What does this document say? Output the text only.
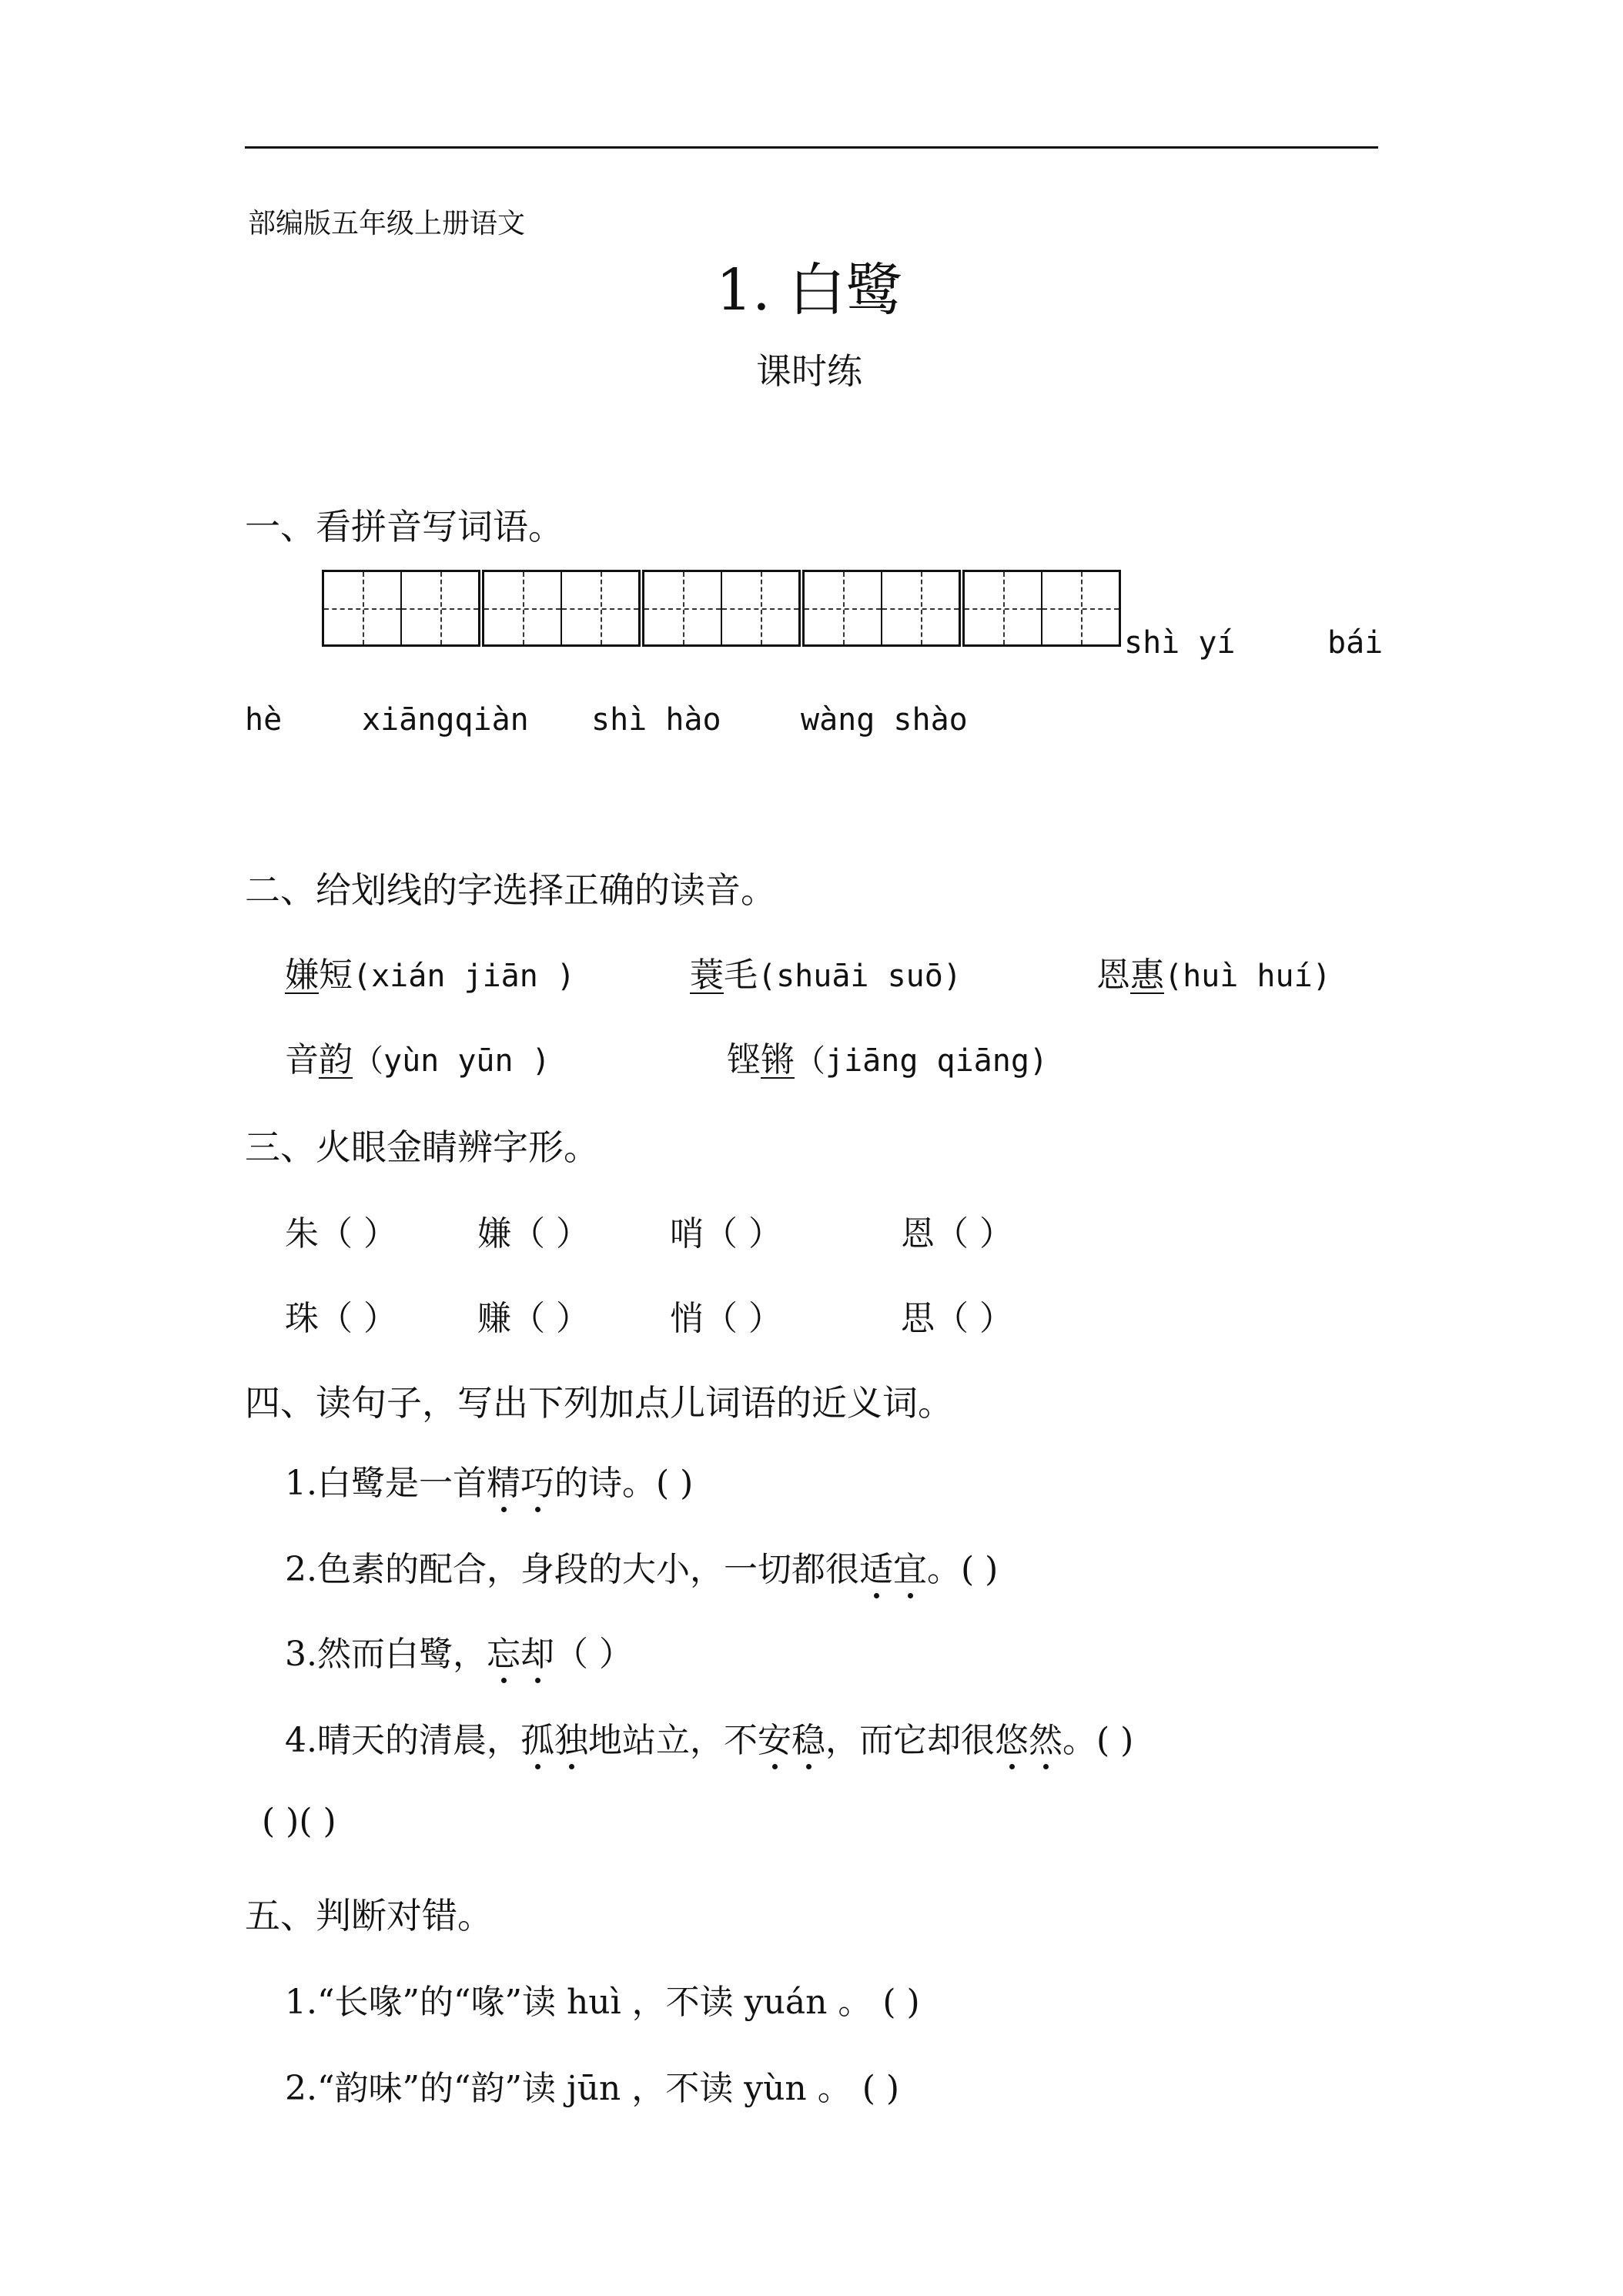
部编版五年级上册语文
1. 白鹭
课时练
一、看拼音写词语。
shì yí	bái
hè	xiāngqiàn shì hào	wàng shào
二、给划线的字选择正确的读音。
嫌短(xián jiān )	蓑毛(shuāi suō)	恩惠(huì huí)
音韵（yùn yūn )	铿锵（jiāng qiāng)
三、火眼金睛辨字形。
朱（ ） 嫌（ ） 哨（ ）	恩（ ）
珠（ ） 赚（ ） 悄（ ）	思（ ）
四、读句子，写出下列加点儿词语的近义词。
1.白鹭是一首精巧的诗。( )
2.色素的配合，身段的大小，一切都很适宜。( )
3.然而白鹭，忘却（ ）
4.晴天的清晨，孤独地站立，不安稳，而它却很悠然。( )
( )( )
五、判断对错。
1.“长喙”的“喙”读 huì ，不读 yuán 。 ( )
2.“韵味”的“韵”读 jūn ，不读 yùn 。 ( )
